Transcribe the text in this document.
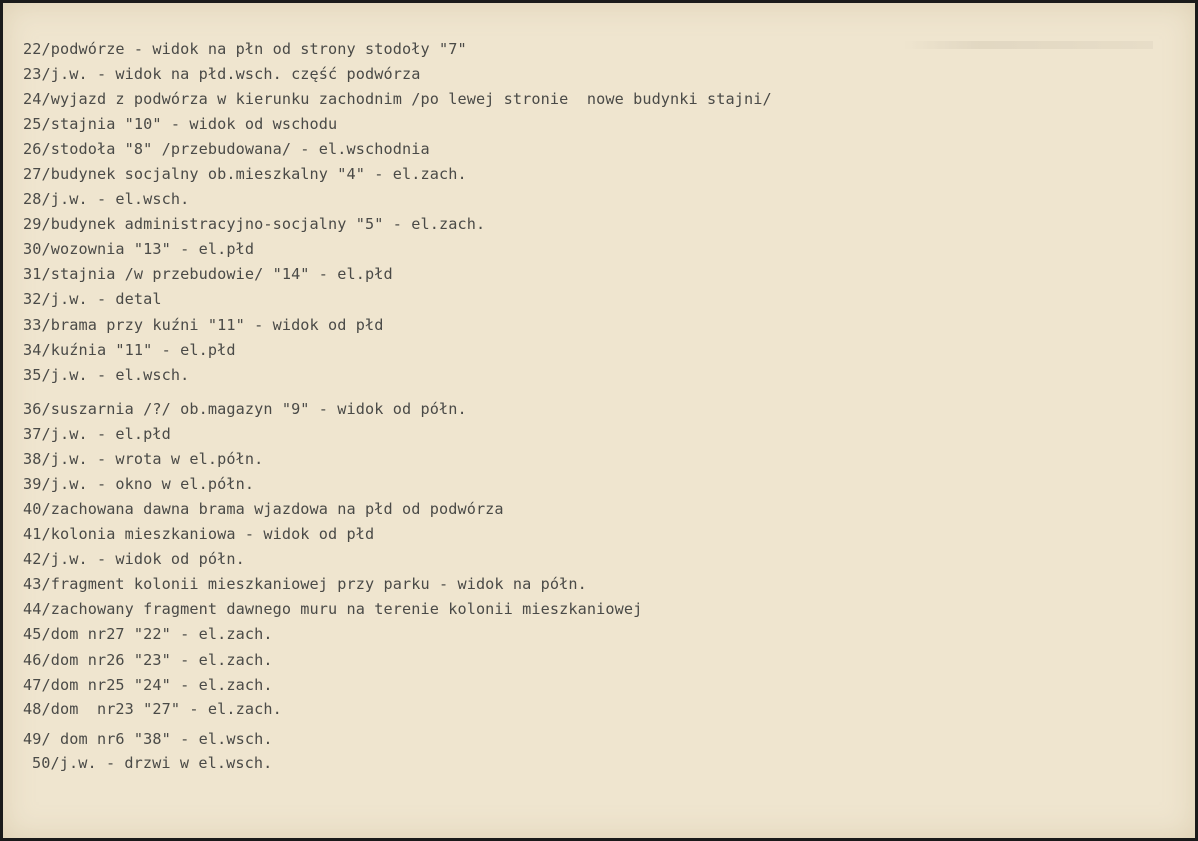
22/podwórze - widok na płn od strony stodoły "7"
23/j.w. - widok na płd.wsch. część podwórza
24/wyjazd z podwórza w kierunku zachodnim /po lewej stronie  nowe budynki stajni/
25/stajnia "10" - widok od wschodu
26/stodoła "8" /przebudowana/ - el.wschodnia
27/budynek socjalny ob.mieszkalny "4" - el.zach.
28/j.w. - el.wsch.
29/budynek administracyjno-socjalny "5" - el.zach.
30/wozownia "13" - el.płd
31/stajnia /w przebudowie/ "14" - el.płd
32/j.w. - detal
33/brama przy kuźni "11" - widok od płd
34/kuźnia "11" - el.płd
35/j.w. - el.wsch.
36/suszarnia /?/ ob.magazyn "9" - widok od półn.
37/j.w. - el.płd
38/j.w. - wrota w el.półn.
39/j.w. - okno w el.półn.
40/zachowana dawna brama wjazdowa na płd od podwórza
41/kolonia mieszkaniowa - widok od płd
42/j.w. - widok od półn.
43/fragment kolonii mieszkaniowej przy parku - widok na półn.
44/zachowany fragment dawnego muru na terenie kolonii mieszkaniowej
45/dom nr27 "22" - el.zach.
46/dom nr26 "23" - el.zach.
47/dom nr25 "24" - el.zach.
48/dom  nr23 "27" - el.zach.
49/ dom nr6 "38" - el.wsch.
50/j.w. - drzwi w el.wsch.
